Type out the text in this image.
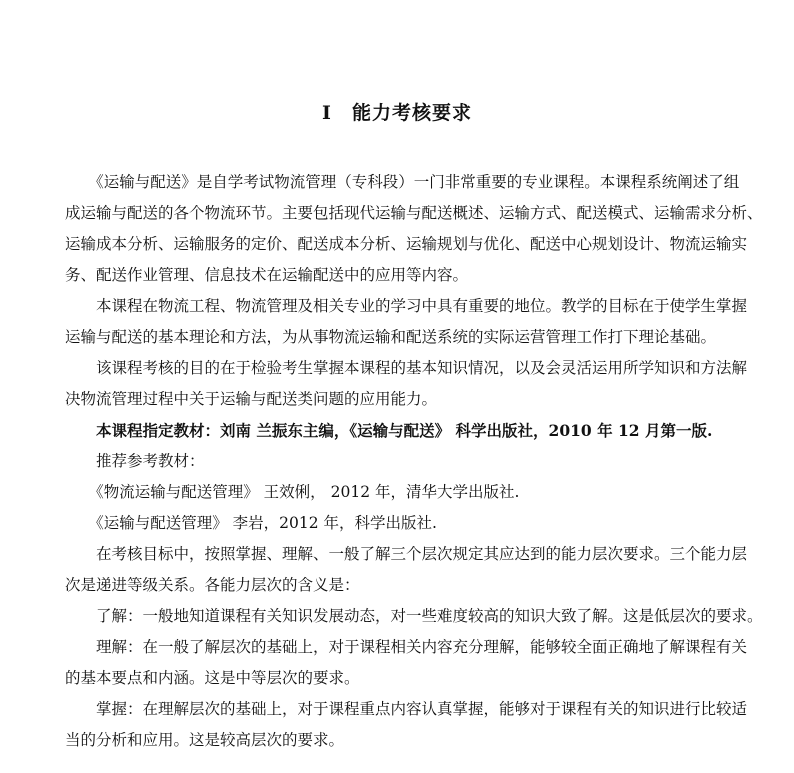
I 能力考核要求
　　《运输与配送》是自学考试物流管理（专科段）一门非常重要的专业课程。本课程系统阐述了组
成运输与配送的各个物流环节。主要包括现代运输与配送概述、运输方式、配送模式、运输需求分析、
运输成本分析、运输服务的定价、配送成本分析、运输规划与优化、配送中心规划设计、物流运输实
务、配送作业管理、信息技术在运输配送中的应用等内容。
　　本课程在物流工程、物流管理及相关专业的学习中具有重要的地位。教学的目标在于使学生掌握
运输与配送的基本理论和方法，为从事物流运输和配送系统的实际运营管理工作打下理论基础。
　　该课程考核的目的在于检验考生掌握本课程的基本知识情况，以及会灵活运用所学知识和方法解
决物流管理过程中关于运输与配送类问题的应用能力。
　　本课程指定教材：刘南 兰振东主编，《运输与配送》 科学出版社，2010 年 12 月第一版.
　　推荐参考教材：
　　《物流运输与配送管理》 王效俐， 2012 年，清华大学出版社.
　　《运输与配送管理》 李岩，2012 年，科学出版社.
　　在考核目标中，按照掌握、理解、一般了解三个层次规定其应达到的能力层次要求。三个能力层
次是递进等级关系。各能力层次的含义是：
　　了解：一般地知道课程有关知识发展动态，对一些难度较高的知识大致了解。这是低层次的要求。
　　理解：在一般了解层次的基础上，对于课程相关内容充分理解，能够较全面正确地了解课程有关
的基本要点和内涵。这是中等层次的要求。
　　掌握：在理解层次的基础上，对于课程重点内容认真掌握，能够对于课程有关的知识进行比较适
当的分析和应用。这是较高层次的要求。
